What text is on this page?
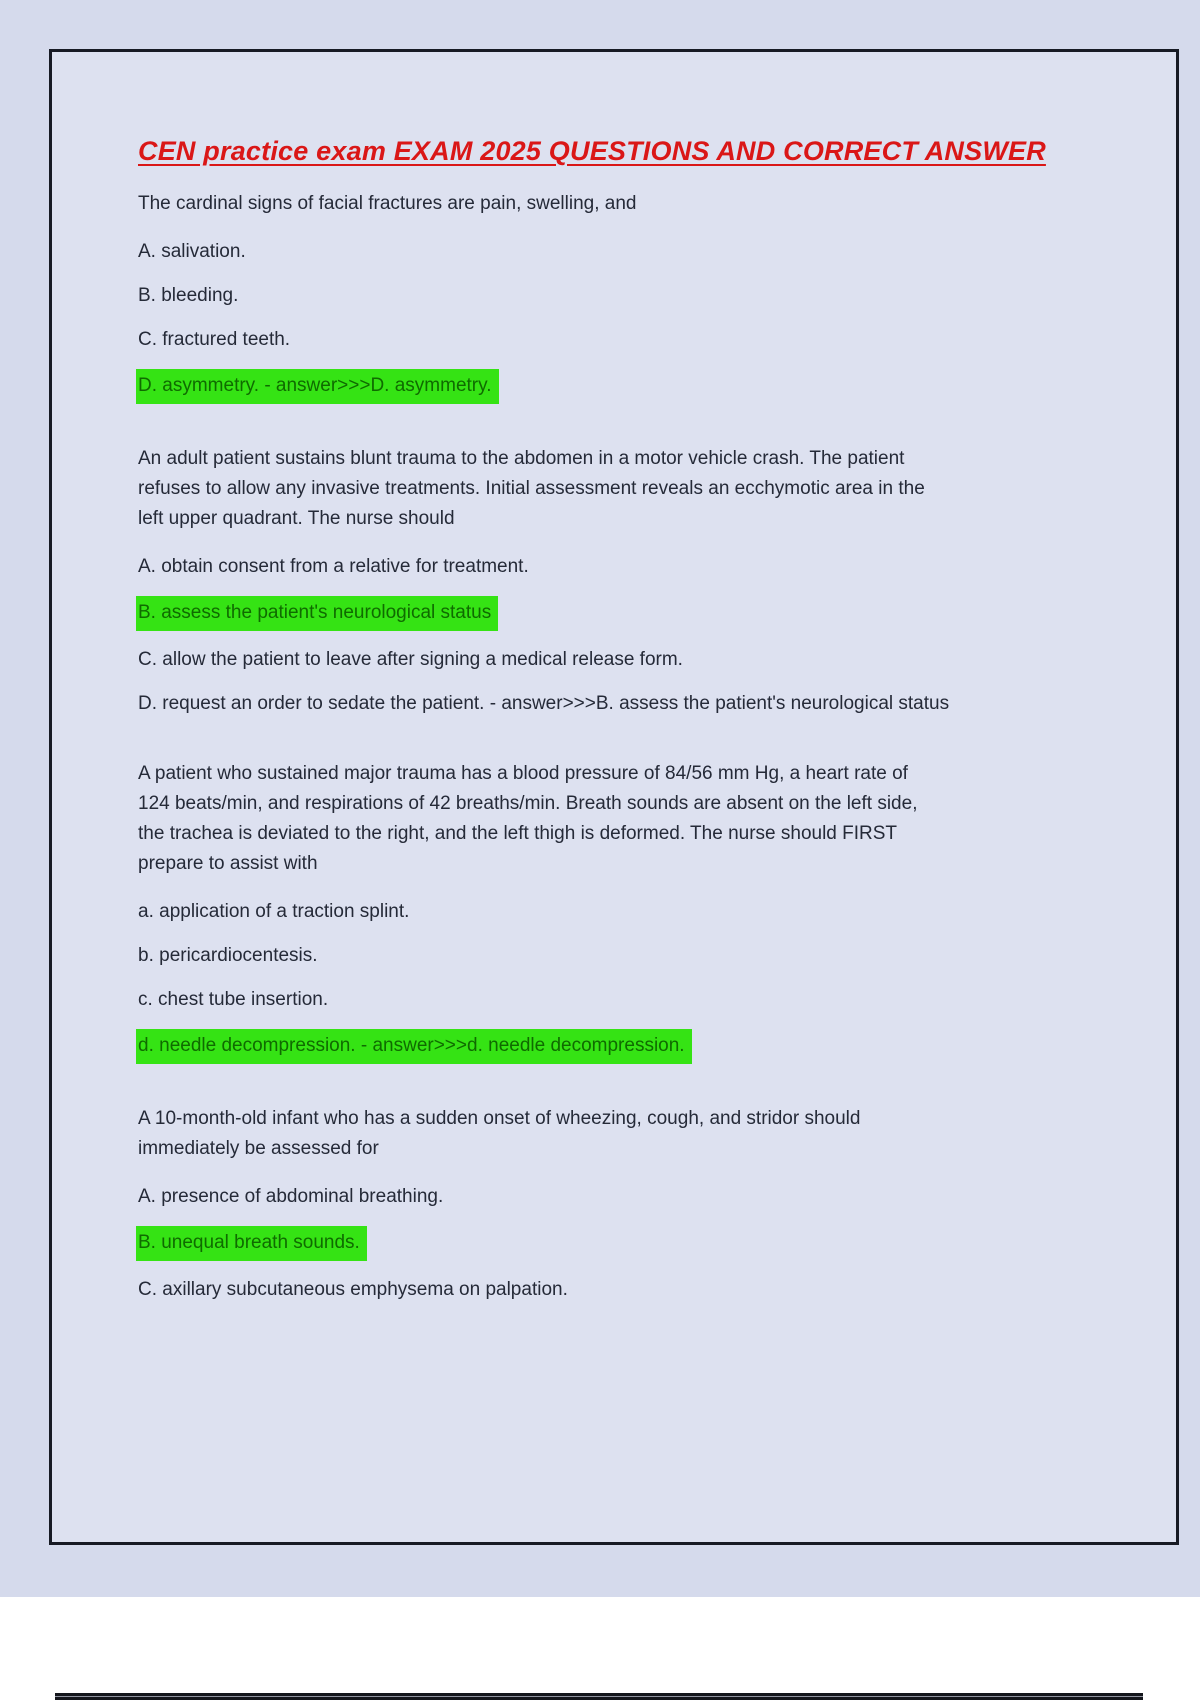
CEN practice exam EXAM 2025 QUESTIONS AND CORRECT ANSWER
The cardinal signs of facial fractures are pain, swelling, and
A. salivation.
B. bleeding.
C. fractured teeth.
D. asymmetry. - answer>>>D. asymmetry.
An adult patient sustains blunt trauma to the abdomen in a motor vehicle crash. The patient
refuses to allow any invasive treatments. Initial assessment reveals an ecchymotic area in the
left upper quadrant. The nurse should
A. obtain consent from a relative for treatment.
B. assess the patient's neurological status
C. allow the patient to leave after signing a medical release form.
D. request an order to sedate the patient. - answer>>>B. assess the patient's neurological status
A patient who sustained major trauma has a blood pressure of 84/56 mm Hg, a heart rate of
124 beats/min, and respirations of 42 breaths/min. Breath sounds are absent on the left side,
the trachea is deviated to the right, and the left thigh is deformed. The nurse should FIRST
prepare to assist with
a. application of a traction splint.
b. pericardiocentesis.
c. chest tube insertion.
d. needle decompression. - answer>>>d. needle decompression.
A 10-month-old infant who has a sudden onset of wheezing, cough, and stridor should
immediately be assessed for
A. presence of abdominal breathing.
B. unequal breath sounds.
C. axillary subcutaneous emphysema on palpation.
